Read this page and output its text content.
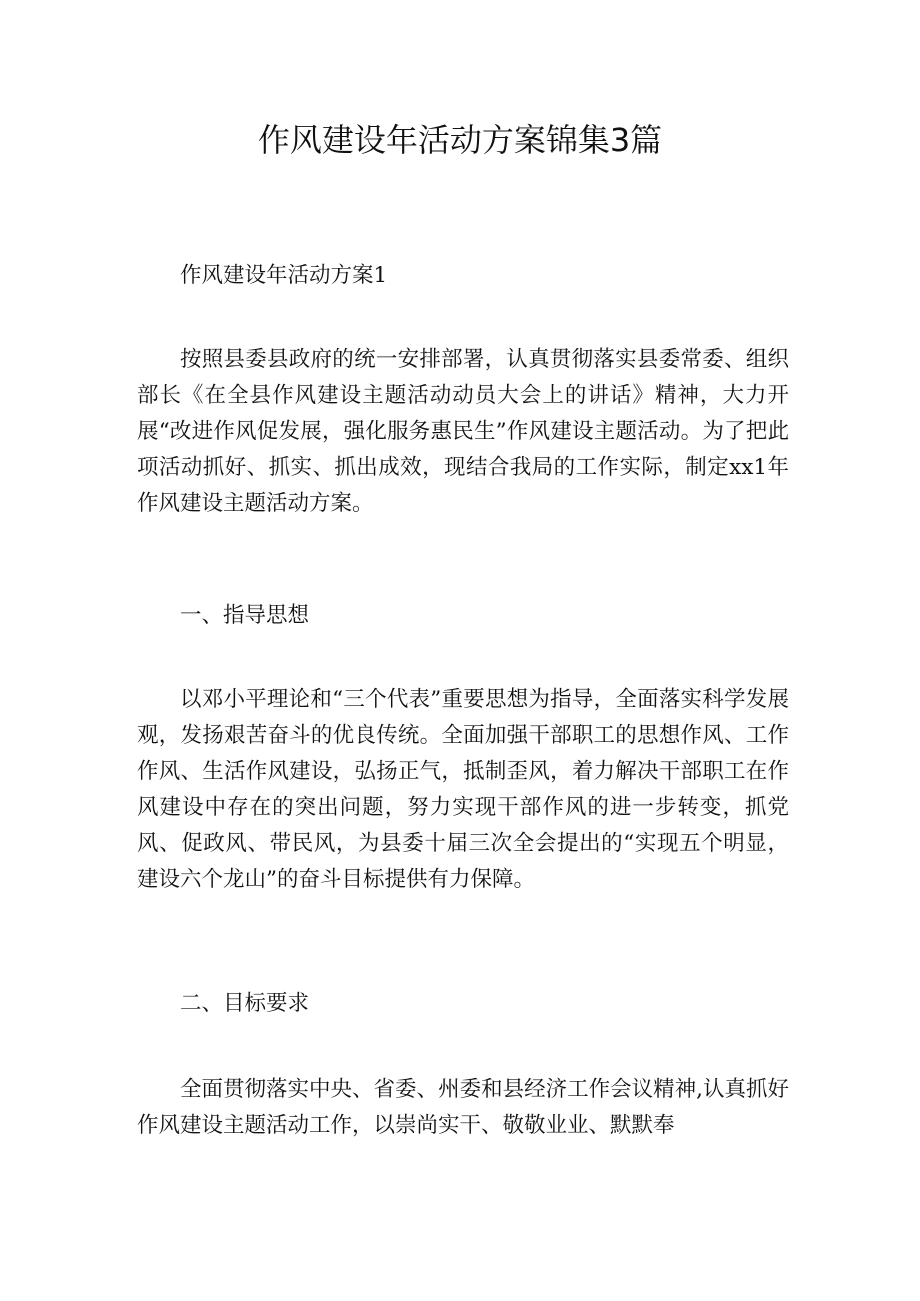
作风建设年活动方案锦集3篇

作风建设年活动方案1

按照县委县政府的统一安排部署，认真贯彻落实县委常委、组织部长《在全县作风建设主题活动动员大会上的讲话》精神，大力开展“改进作风促发展，强化服务惠民生”作风建设主题活动。为了把此项活动抓好、抓实、抓出成效，现结合我局的工作实际，制定xx1年作风建设主题活动方案。

一、指导思想

以邓小平理论和“三个代表”重要思想为指导，全面落实科学发展观，发扬艰苦奋斗的优良传统。全面加强干部职工的思想作风、工作作风、生活作风建设，弘扬正气，抵制歪风，着力解决干部职工在作风建设中存在的突出问题，努力实现干部作风的进一步转变，抓党风、促政风、带民风，为县委十届三次全会提出的“实现五个明显，建设六个龙山”的奋斗目标提供有力保障。

二、目标要求

全面贯彻落实中央、省委、州委和县经济工作会议精神,认真抓好作风建设主题活动工作，以崇尚实干、敬敬业业、默默奉
